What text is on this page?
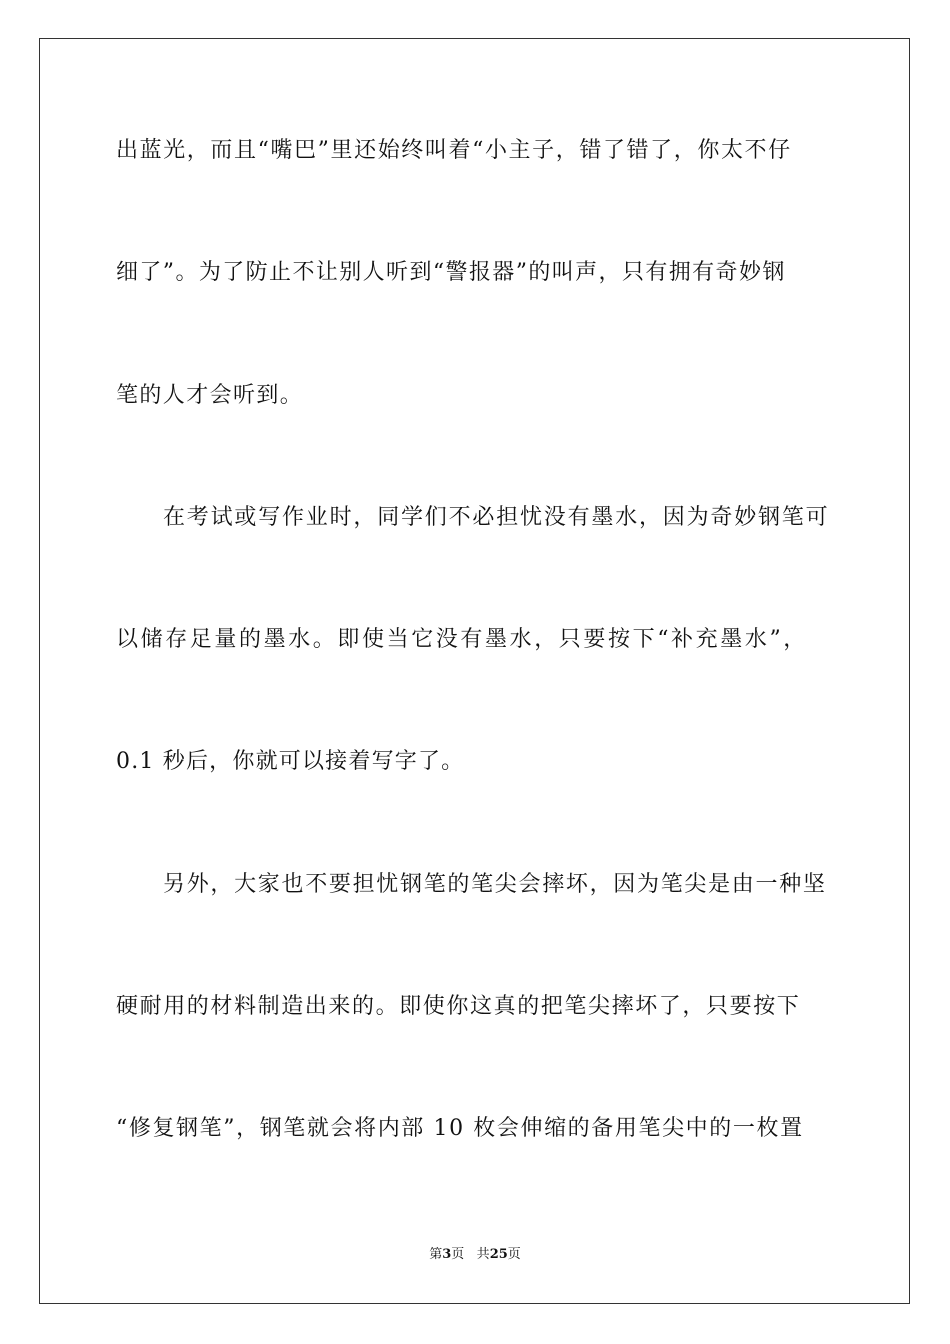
出蓝光，而且“嘴巴”里还始终叫着“小主子，错了错了，你太不仔
细了”。为了防止不让别人听到“警报器”的叫声，只有拥有奇妙钢
笔的人才会听到。
在考试或写作业时，同学们不必担忧没有墨水，因为奇妙钢笔可
以储存足量的墨水。即使当它没有墨水，只要按下“补充墨水”，
0.1 秒后，你就可以接着写字了。
另外，大家也不要担忧钢笔的笔尖会摔坏，因为笔尖是由一种坚
硬耐用的材料制造出来的。即使你这真的把笔尖摔坏了，只要按下
“修复钢笔”，钢笔就会将内部 10 枚会伸缩的备用笔尖中的一枚置
第3页 共25页
